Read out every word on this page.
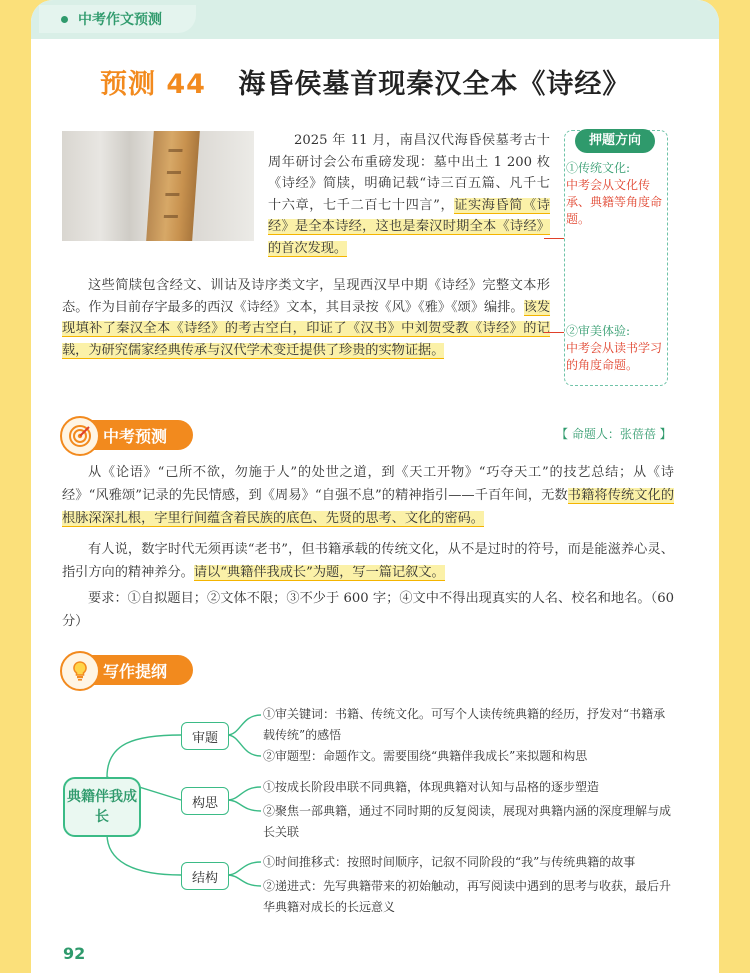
中考作文预测
预测 44 海昏侯墓首现秦汉全本《诗经》
2025 年 11 月，南昌汉代海昏侯墓考古十周年研讨会公布重磅发现：墓中出土 1 200 枚《诗经》简牍，明确记载“诗三百五篇、凡千七十六章，七千二百七十四言”，证实海昏简《诗经》是全本诗经，这也是秦汉时期全本《诗经》的首次发现。
这些简牍包含经文、训诂及诗序类文字，呈现西汉早中期《诗经》完整文本形态。作为目前存字最多的西汉《诗经》文本，其目录按《风》《雅》《颂》编排。该发现填补了秦汉全本《诗经》的考古空白，印证了《汉书》中刘贺受教《诗经》的记载，为研究儒家经典传承与汉代学术变迁提供了珍贵的实物证据。
押题方向
①传统文化:
中考会从文化传承、典籍等角度命题。
②审美体验:
中考会从读书学习的角度命题。
中考预测	【 命题人：张蓓蓓 】
从《论语》“己所不欲，勿施于人”的处世之道，到《天工开物》“巧夺天工”的技艺总结；从《诗经》“风雅颂”记录的先民情感，到《周易》“自强不息”的精神指引——千百年间，无数书籍将传统文化的根脉深深扎根，字里行间蕴含着民族的底色、先贤的思考、文化的密码。
有人说，数字时代无须再读“老书”，但书籍承载的传统文化，从不是过时的符号，而是能滋养心灵、指引方向的精神养分。请以“典籍伴我成长”为题，写一篇记叙文。
要求：①自拟题目；②文体不限；③不少于 600 字；④文中不得出现真实的人名、校名和地名。（60 分）
写作提纲
典籍伴我成长
审题
构思
结构
①审关键词：书籍、传统文化。可写个人读传统典籍的经历，抒发对“书籍承载传统”的感悟
②审题型：命题作文。需要围绕“典籍伴我成长”来拟题和构思
①按成长阶段串联不同典籍，体现典籍对认知与品格的逐步塑造
②聚焦一部典籍，通过不同时期的反复阅读，展现对典籍内涵的深度理解与成长关联
①时间推移式：按照时间顺序，记叙不同阶段的“我”与传统典籍的故事
②递进式：先写典籍带来的初始触动，再写阅读中遇到的思考与收获，最后升华典籍对成长的长远意义
92
